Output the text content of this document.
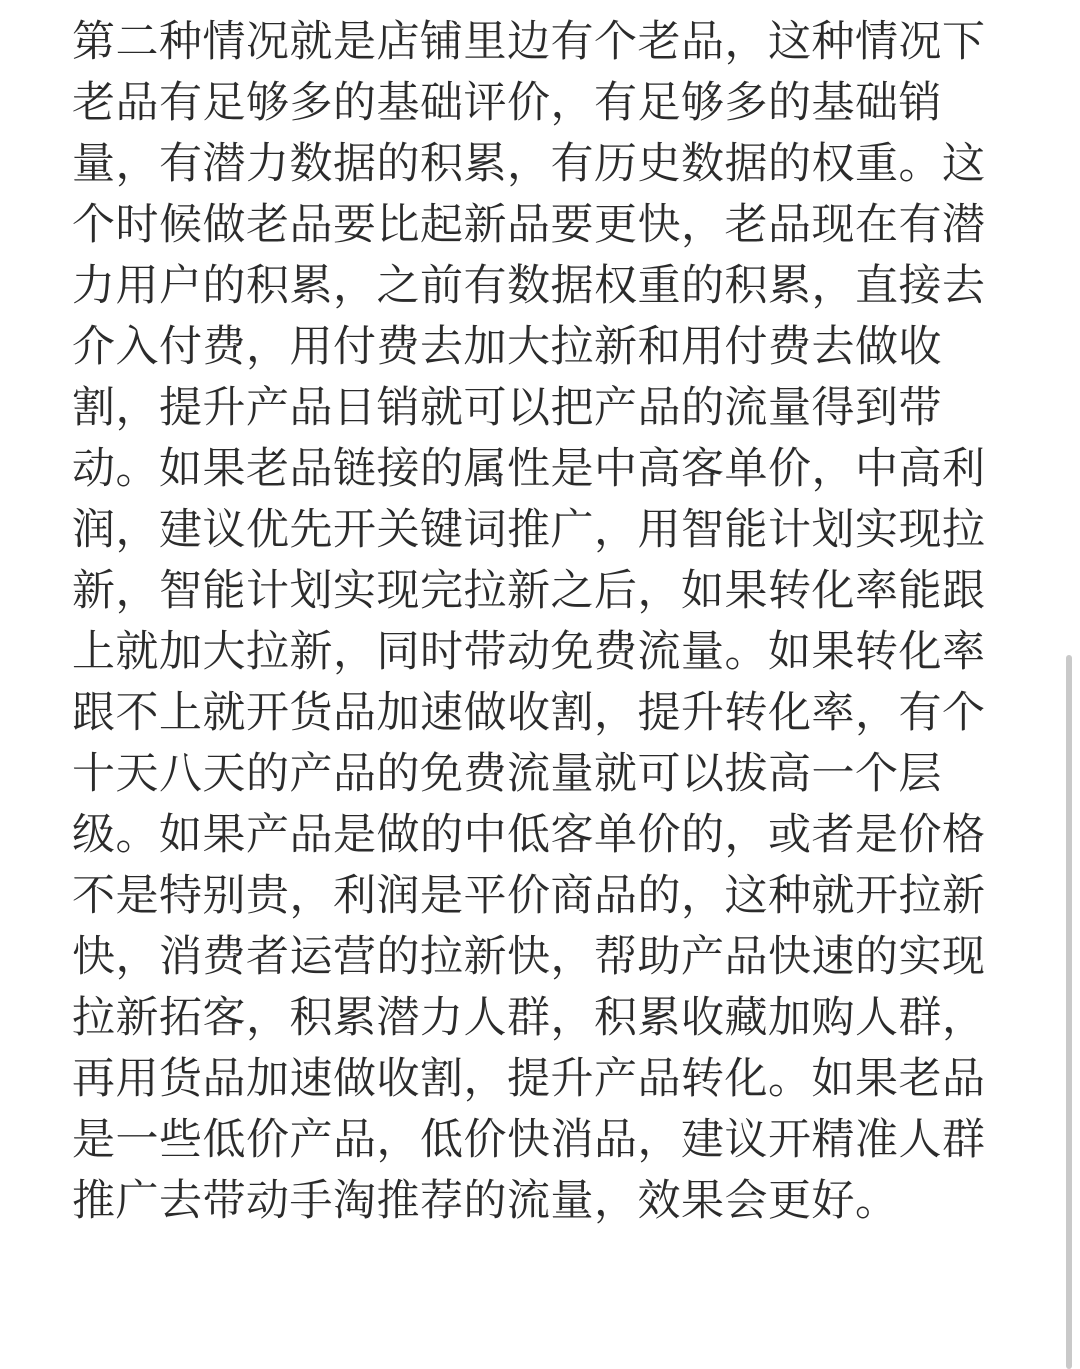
第二种情况就是店铺里边有个老品，这种情况下
老品有足够多的基础评价，有足够多的基础销
量，有潜力数据的积累，有历史数据的权重。这
个时候做老品要比起新品要更快，老品现在有潜
力用户的积累，之前有数据权重的积累，直接去
介入付费，用付费去加大拉新和用付费去做收
割，提升产品日销就可以把产品的流量得到带
动。如果老品链接的属性是中高客单价，中高利
润，建议优先开关键词推广，用智能计划实现拉
新，智能计划实现完拉新之后，如果转化率能跟
上就加大拉新，同时带动免费流量。如果转化率
跟不上就开货品加速做收割，提升转化率，有个
十天八天的产品的免费流量就可以拔高一个层
级。如果产品是做的中低客单价的，或者是价格
不是特别贵，利润是平价商品的，这种就开拉新
快，消费者运营的拉新快，帮助产品快速的实现
拉新拓客，积累潜力人群，积累收藏加购人群，
再用货品加速做收割，提升产品转化。如果老品
是一些低价产品，低价快消品，建议开精准人群
推广去带动手淘推荐的流量，效果会更好。
